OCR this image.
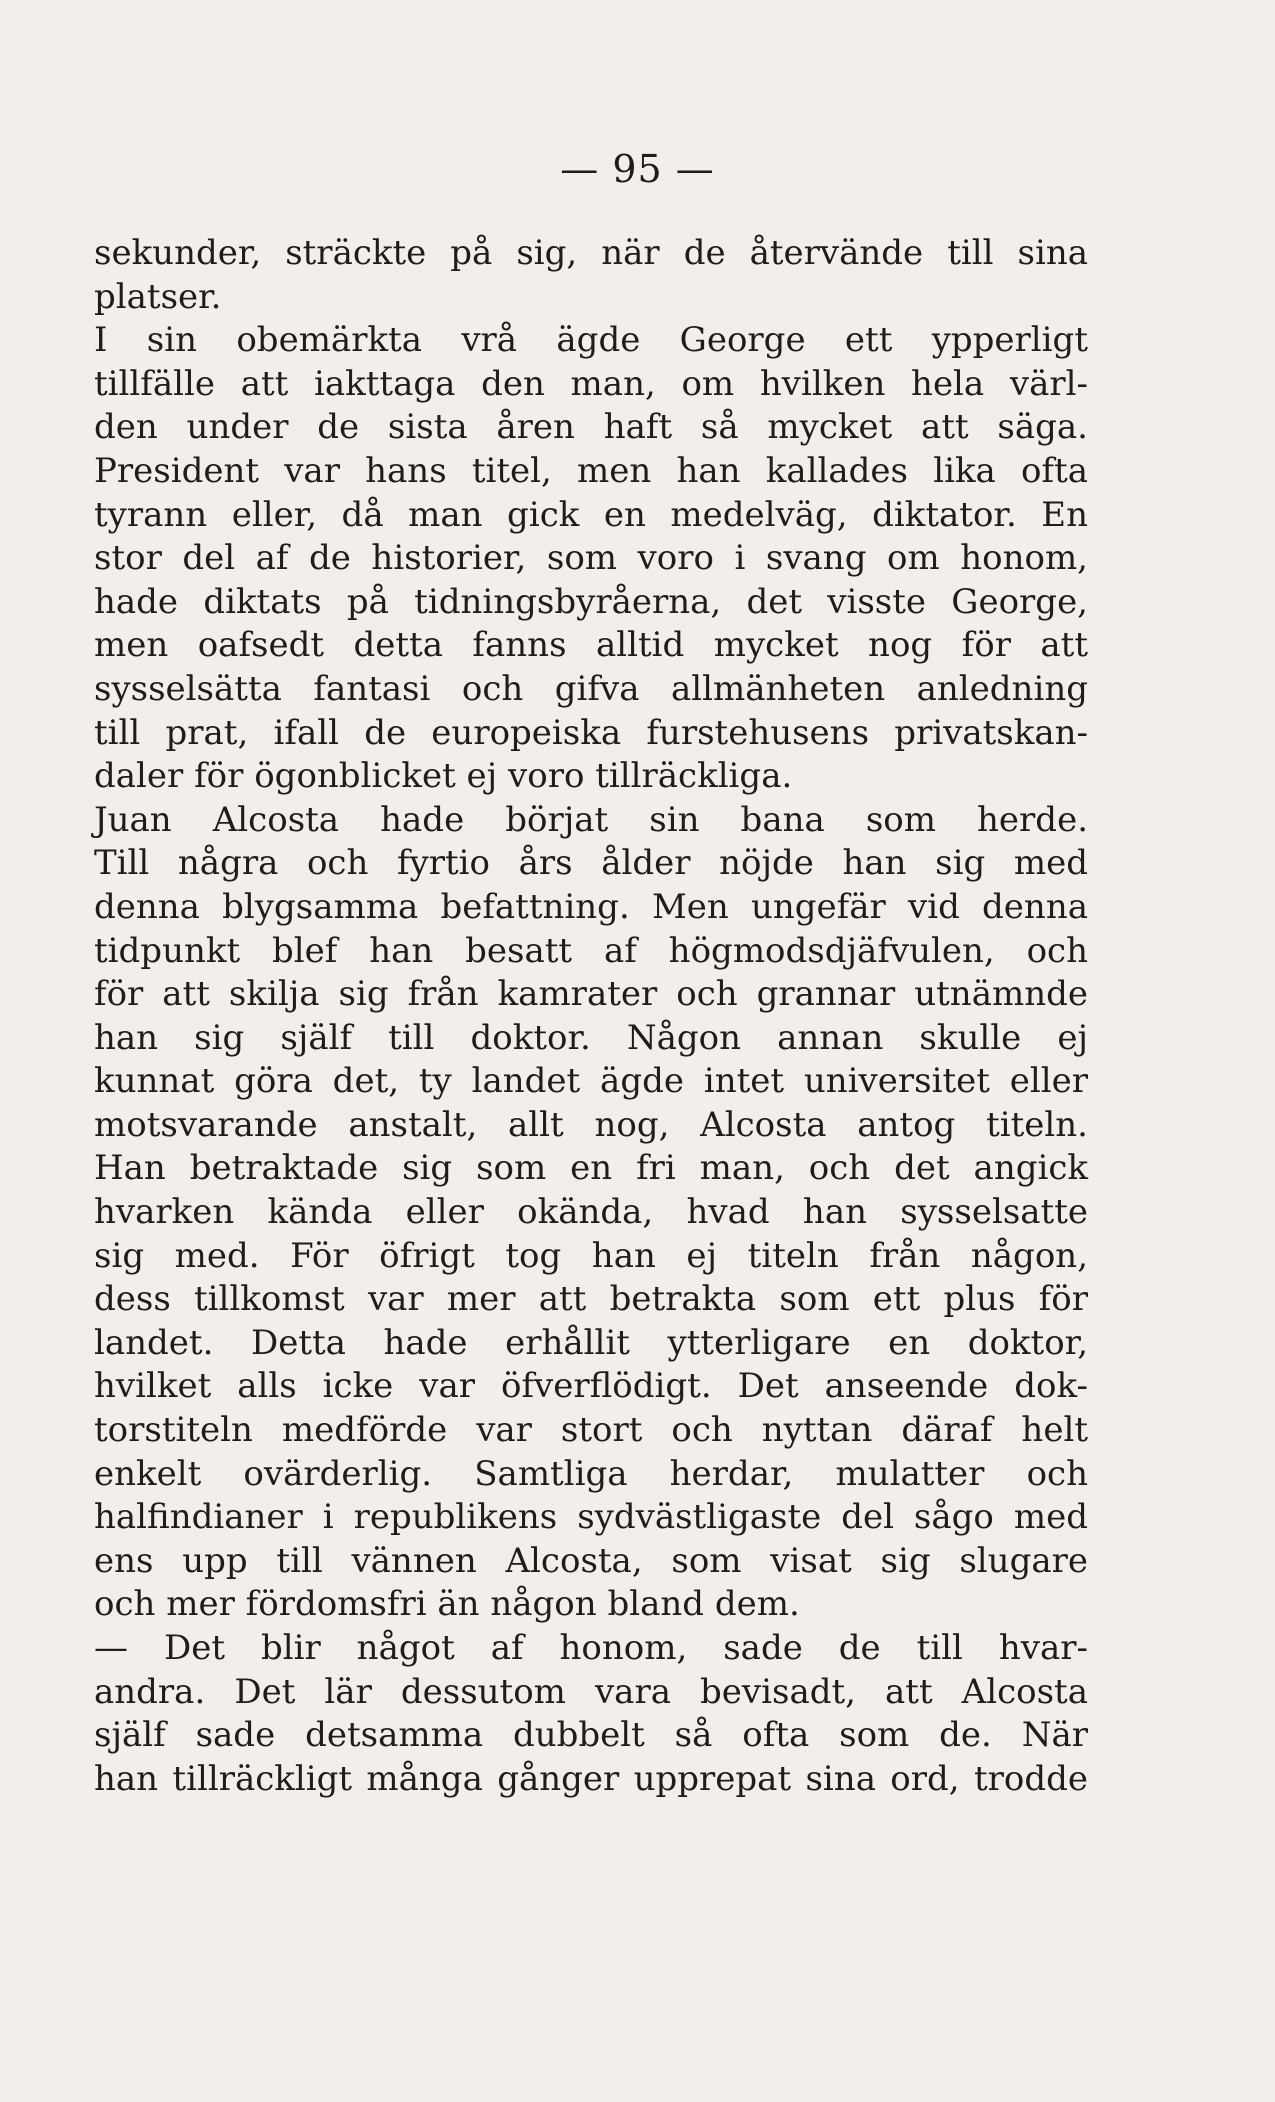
— 95 —
sekunder, sträckte på sig, när de återvände till sina
platser.
I sin obemärkta vrå ägde George ett ypperligt
tillfälle att iakttaga den man, om hvilken hela värl-
den under de sista åren haft så mycket att säga.
President var hans titel, men han kallades lika ofta
tyrann eller, då man gick en medelväg, diktator. En
stor del af de historier, som voro i svang om honom,
hade diktats på tidningsbyråerna, det visste George,
men oafsedt detta fanns alltid mycket nog för att
sysselsätta fantasi och gifva allmänheten anledning
till prat, ifall de europeiska furstehusens privatskan-
daler för ögonblicket ej voro tillräckliga.
Juan Alcosta hade börjat sin bana som herde.
Till några och fyrtio års ålder nöjde han sig med
denna blygsamma befattning. Men ungefär vid denna
tidpunkt blef han besatt af högmodsdjäfvulen, och
för att skilja sig från kamrater och grannar utnämnde
han sig själf till doktor. Någon annan skulle ej
kunnat göra det, ty landet ägde intet universitet eller
motsvarande anstalt, allt nog, Alcosta antog titeln.
Han betraktade sig som en fri man, och det angick
hvarken kända eller okända, hvad han sysselsatte
sig med. För öfrigt tog han ej titeln från någon,
dess tillkomst var mer att betrakta som ett plus för
landet. Detta hade erhållit ytterligare en doktor,
hvilket alls icke var öfverflödigt. Det anseende dok-
torstiteln medförde var stort och nyttan däraf helt
enkelt ovärderlig. Samtliga herdar, mulatter och
halfindianer i republikens sydvästligaste del sågo med
ens upp till vännen Alcosta, som visat sig slugare
och mer fördomsfri än någon bland dem.
— Det blir något af honom, sade de till hvar-
andra. Det lär dessutom vara bevisadt, att Alcosta
själf sade detsamma dubbelt så ofta som de. När
han tillräckligt många gånger upprepat sina ord, trodde
